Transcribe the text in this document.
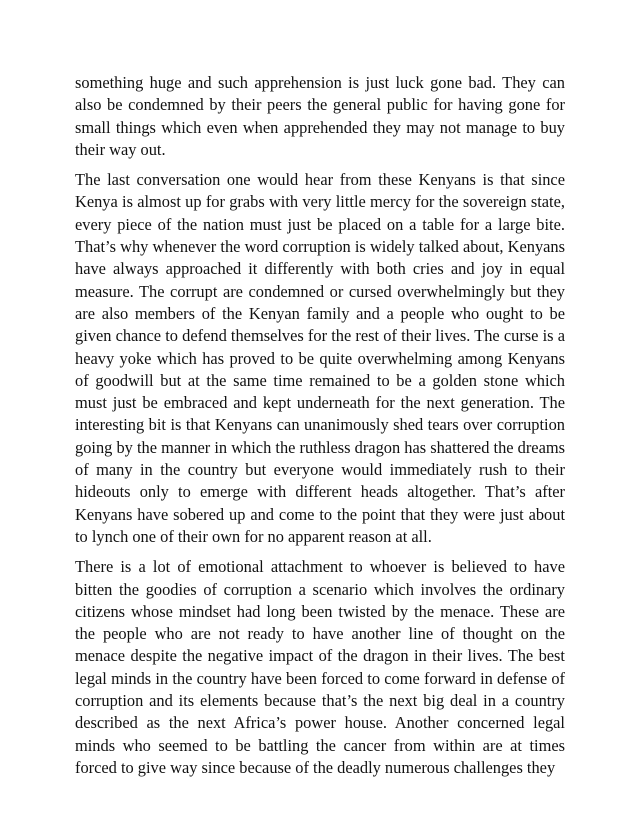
something huge and such apprehension is just luck gone bad. They can also be condemned by their peers the general public for having gone for small things which even when apprehended they may not manage to buy their way out.

The last conversation one would hear from these Kenyans is that since Kenya is almost up for grabs with very little mercy for the sovereign state, every piece of the nation must just be placed on a table for a large bite. That’s why whenever the word corruption is widely talked about, Kenyans have always approached it differently with both cries and joy in equal measure. The corrupt are condemned or cursed overwhelmingly but they are also members of the Kenyan family and a people who ought to be given chance to defend themselves for the rest of their lives. The curse is a heavy yoke which has proved to be quite overwhelming among Kenyans of goodwill but at the same time remained to be a golden stone which must just be embraced and kept underneath for the next generation. The interesting bit is that Kenyans can unanimously shed tears over corruption going by the manner in which the ruthless dragon has shattered the dreams of many in the country but everyone would immediately rush to their hideouts only to emerge with different heads altogether. That’s after Kenyans have sobered up and come to the point that they were just about to lynch one of their own for no apparent reason at all.

There is a lot of emotional attachment to whoever is believed to have bitten the goodies of corruption a scenario which involves the ordinary citizens whose mindset had long been twisted by the menace. These are the people who are not ready to have another line of thought on the menace despite the negative impact of the dragon in their lives. The best legal minds in the country have been forced to come forward in defense of corruption and its elements because that’s the next big deal in a country described as the next Africa’s power house. Another concerned legal minds who seemed to be battling the cancer from within are at times forced to give way since because of the deadly numerous challenges they
